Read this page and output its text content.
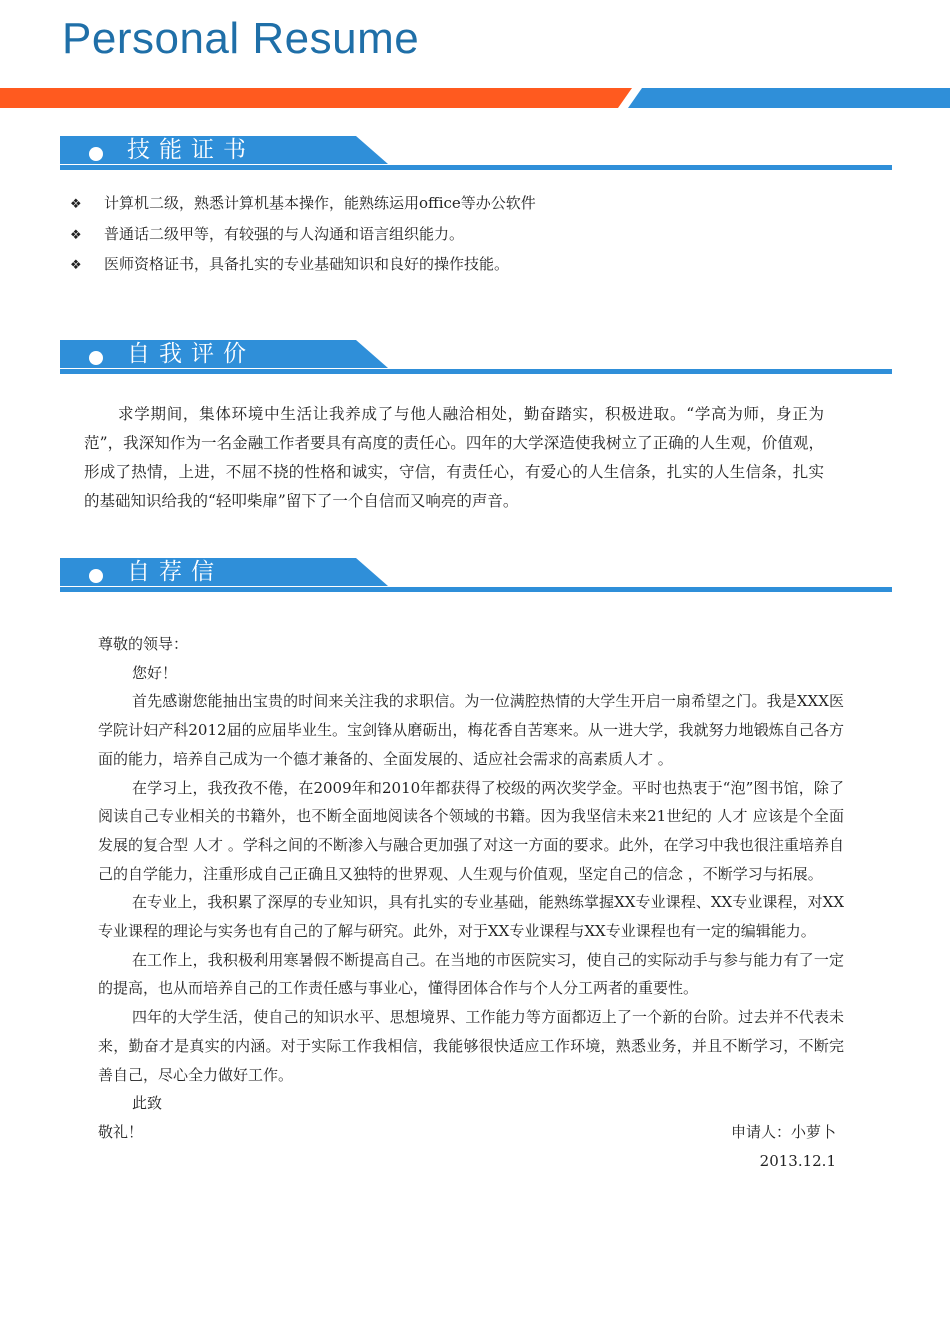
Personal Resume
技能证书
❖ 计算机二级，熟悉计算机基本操作，能熟练运用office等办公软件
❖ 普通话二级甲等，有较强的与人沟通和语言组织能力。
❖ 医师资格证书，具备扎实的专业基础知识和良好的操作技能。
自我评价

求学期间，集体环境中生活让我养成了与他人融洽相处，勤奋踏实，积极进取。“学高为师，身正为范”，我深知作为一名金融工作者要具有高度的责任心。四年的大学深造使我树立了正确的人生观，价值观，形成了热情，上进，不屈不挠的性格和诚实，守信，有责任心，有爱心的人生信条，扎实的人生信条，扎实的基础知识给我的“轻叩柴扉”留下了一个自信而又响亮的声音。

自荐信

尊敬的领导：

您好！

首先感谢您能抽出宝贵的时间来关注我的求职信。为一位满腔热情的大学生开启一扇希望之门。我是XXX医学院计妇产科2012届的应届毕业生。宝剑锋从磨砺出，梅花香自苦寒来。从一进大学，我就努力地锻炼自己各方面的能力，培养自己成为一个德才兼备的、全面发展的、适应社会需求的高素质人才 。

在学习上，我孜孜不倦，在2009年和2010年都获得了校级的两次奖学金。平时也热衷于“泡”图书馆，除了阅读自己专业相关的书籍外，也不断全面地阅读各个领域的书籍。因为我坚信未来21世纪的 人才 应该是个全面发展的复合型 人才 。学科之间的不断渗入与融合更加强了对这一方面的要求。此外，在学习中我也很注重培养自己的自学能力，注重形成自己正确且又独特的世界观、人生观与价值观，坚定自己的信念 ，不断学习与拓展。

在专业上，我积累了深厚的专业知识，具有扎实的专业基础，能熟练掌握XX专业课程、XX专业课程，对XX专业课程的理论与实务也有自己的了解与研究。此外，对于XX专业课程与XX专业课程也有一定的编辑能力。

在工作上，我积极利用寒暑假不断提高自己。在当地的市医院实习，使自己的实际动手与参与能力有了一定的提高，也从而培养自己的工作责任感与事业心，懂得团体合作与个人分工两者的重要性。

四年的大学生活，使自己的知识水平、思想境界、工作能力等方面都迈上了一个新的台阶。过去并不代表未来，勤奋才是真实的内涵。对于实际工作我相信，我能够很快适应工作环境，熟悉业务，并且不断学习，不断完善自己，尽心全力做好工作。

此致

敬礼！	申请人：小萝卜
2013.12.1
